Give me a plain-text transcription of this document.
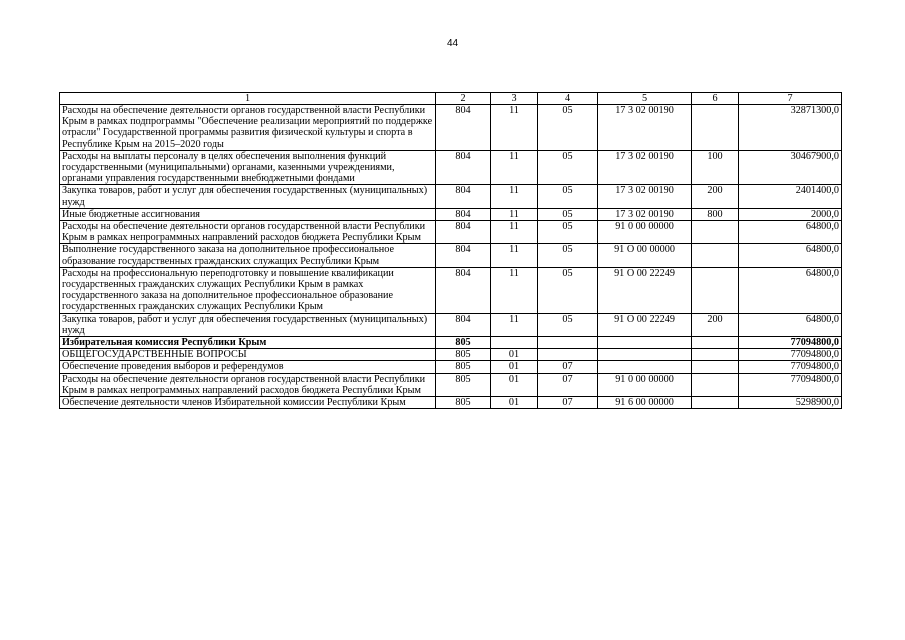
44
1	2	3	4	5	6	7
Расходы на обеспечение деятельности органов государственной власти Республики Крым в рамках подпрограммы "Обеспечение реализации мероприятий по поддержке отрасли" Государственной программы развития физической культуры и спорта в Республике Крым на 2015–2020 годы	804	11	05	17 3 02 00190		32871300,0
Расходы на выплаты персоналу в целях обеспечения выполнения функций государственными (муниципальными) органами, казенными учреждениями, органами управления государственными внебюджетными фондами	804	11	05	17 3 02 00190	100	30467900,0
Закупка товаров, работ и услуг для обеспечения государственных (муниципальных) нужд	804	11	05	17 3 02 00190	200	2401400,0
Иные бюджетные ассигнования	804	11	05	17 3 02 00190	800	2000,0
Расходы на обеспечение деятельности органов государственной власти Республики Крым в рамках непрограммных направлений расходов бюджета Республики Крым	804	11	05	91 0 00 00000		64800,0
Выполнение государственного заказа на дополнительное профессиональное образование государственных гражданских служащих Республики Крым	804	11	05	91 О 00 00000		64800,0
Расходы на профессиональную переподготовку и повышение квалификации государственных гражданских служащих Республики Крым в рамках государственного заказа на дополнительное профессиональное образование государственных гражданских служащих Республики Крым	804	11	05	91 О 00 22249		64800,0
Закупка товаров, работ и услуг для обеспечения государственных (муниципальных) нужд	804	11	05	91 О 00 22249	200	64800,0
Избирательная комиссия Республики Крым	805					77094800,0
ОБЩЕГОСУДАРСТВЕННЫЕ ВОПРОСЫ	805	01				77094800,0
Обеспечение проведения выборов и референдумов	805	01	07			77094800,0
Расходы на обеспечение деятельности органов государственной власти Республики Крым в рамках непрограммных направлений расходов бюджета Республики Крым	805	01	07	91 0 00 00000		77094800,0
Обеспечение деятельности членов Избирательной комиссии Республики Крым	805	01	07	91 6 00 00000		5298900,0
